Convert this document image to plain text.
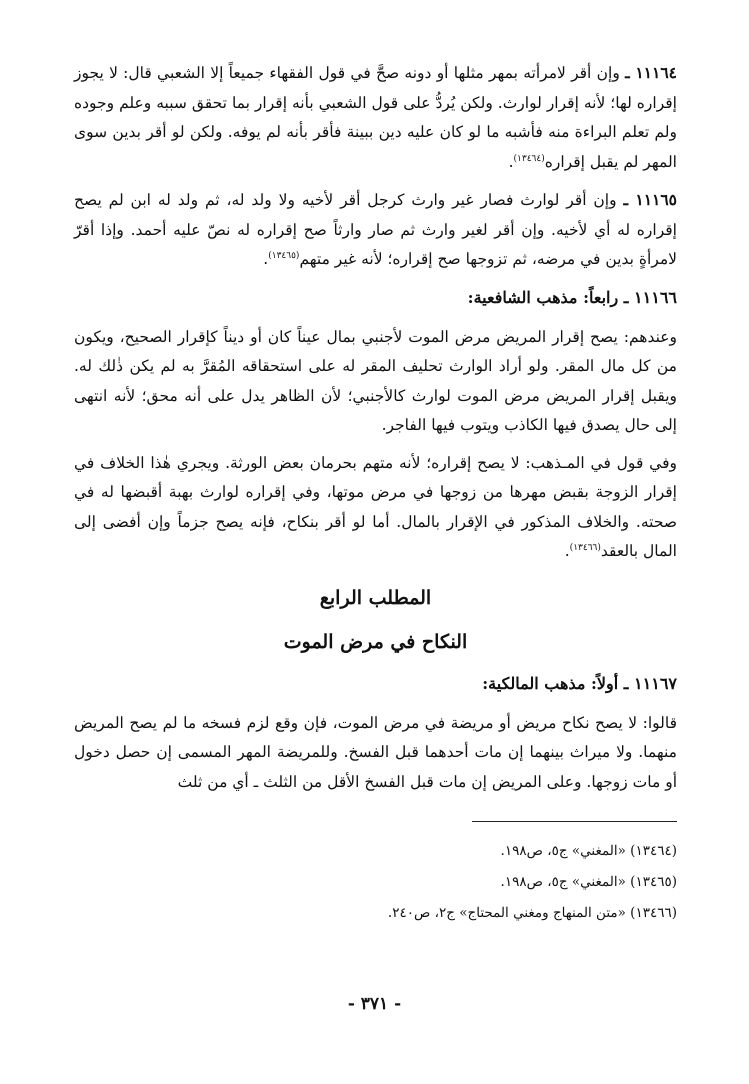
١١١٦٤ ـ وإن أقر لامرأته بمهر مثلها أو دونه صحَّ في قول الفقهاء جميعاً إلا الشعبي قال: لا يجوز إقراره لها؛ لأنه إقرار لوارث. ولكن يُردُّ على قول الشعبي بأنه إقرار بما تحقق سببه وعلم وجوده ولم تعلم البراءة منه فأشبه ما لو كان عليه دين ببينة فأقر بأنه لم يوفه. ولكن لو أقر بدين سوى المهر لم يقبل إقراره$^{(١٣٤٦٤)}$.

١١١٦٥ ـ وإن أقر لوارث فصار غير وارث كرجل أقر لأخيه ولا ولد له، ثم ولد له ابن لم يصح إقراره له أي لأخيه. وإن أقر لغير وارث ثم صار وارثاً صح إقراره له نصّ عليه أحمد. وإذا أقرّ لامرأةٍ بدين في مرضه، ثم تزوجها صح إقراره؛ لأنه غير متهم$^{(١٣٤٦٥)}$.

١١١٦٦ ـ رابعاً: مذهب الشافعية:

وعندهم: يصح إقرار المريض مرض الموت لأجنبي بمال عيناً كان أو ديناً كإقرار الصحيح، ويكون من كل مال المقر. ولو أراد الوارث تحليف المقر له على استحقاقه المُقرَّ به لم يكن ذٰلك له. ويقبل إقرار المريض مرض الموت لوارث كالأجنبي؛ لأن الظاهر يدل على أنه محق؛ لأنه انتهى إلى حال يصدق فيها الكاذب ويتوب فيها الفاجر.

وفي قول في المـذهب: لا يصح إقراره؛ لأنه متهم بحرمان بعض الورثة. ويجري هٰذا الخلاف في إقرار الزوجة بقبض مهرها من زوجها في مرض موتها، وفي إقراره لوارث بهبة أقبضها له في صحته. والخلاف المذكور في الإقرار بالمال. أما لو أقر بنكاح، فإنه يصح جزماً وإن أفضى إلى المال بالعقد$^{(١٣٤٦٦)}$.

المطلب الرابع
النكاح في مرض الموت
١١١٦٧ ـ أولاً: مذهب المالكية:

قالوا: لا يصح نكاح مريض أو مريضة في مرض الموت، فإن وقع لزم فسخه ما لم يصح المريض منهما. ولا ميراث بينهما إن مات أحدهما قبل الفسخ. وللمريضة المهر المسمى إن حصل دخول أو مات زوجها. وعلى المريض إن مات قبل الفسخ الأقل من الثلث ـ أي من ثلث

(١٣٤٦٤) «المغني» ج٥، ص١٩٨.

(١٣٤٦٥) «المغني» ج٥، ص١٩٨.

(١٣٤٦٦) «متن المنهاج ومغني المحتاج» ج٢، ص٢٤٠.

- ٣٧١ -
